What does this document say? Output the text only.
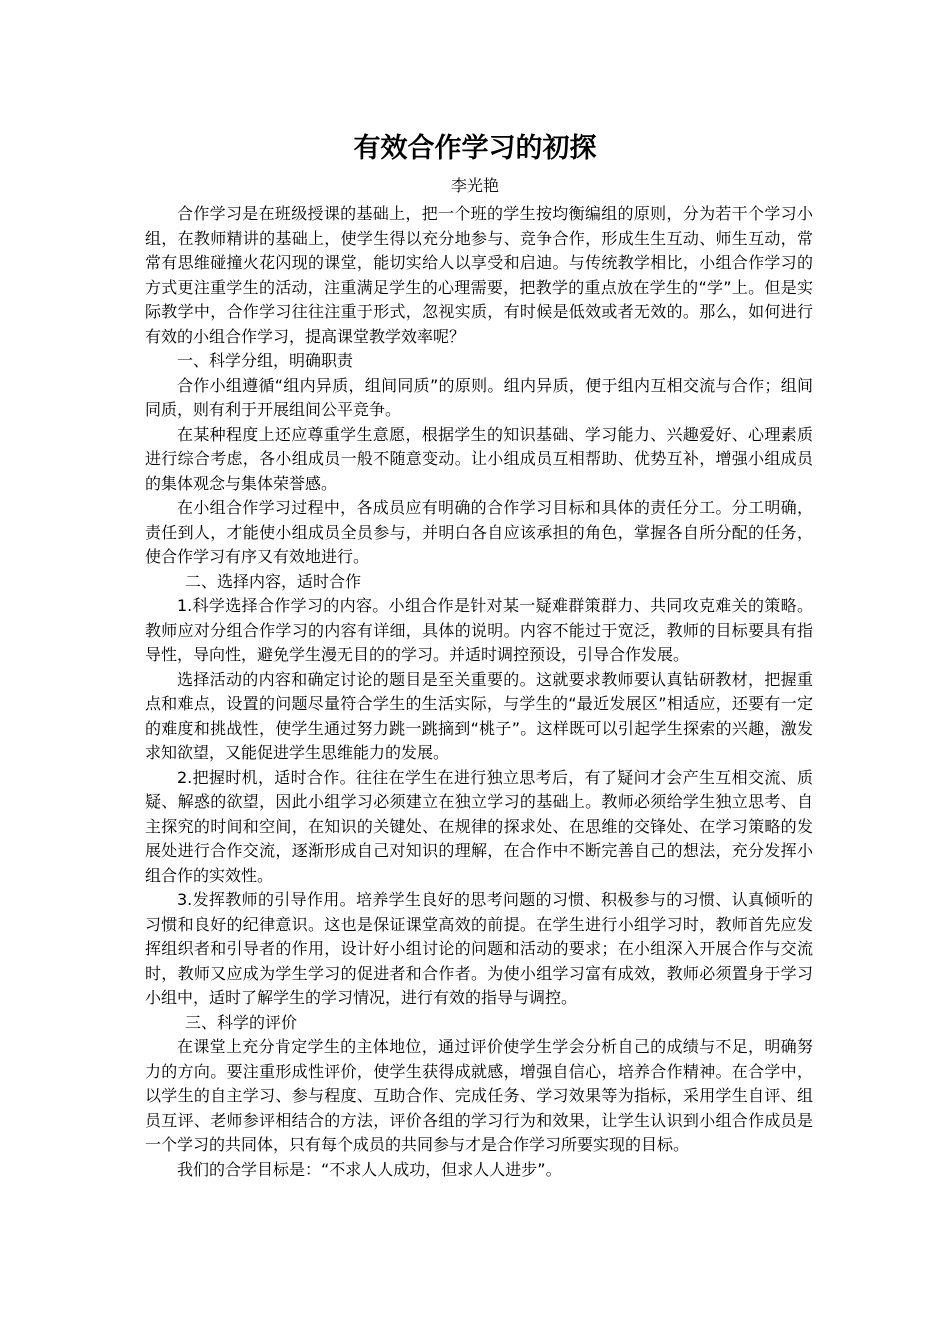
有效合作学习的初探
李光艳

合作学习是在班级授课的基础上，把一个班的学生按均衡编组的原则，分为若干个学习小组，在教师精讲的基础上，使学生得以充分地参与、竞争合作，形成生生互动、师生互动，常常有思维碰撞火花闪现的课堂，能切实给人以享受和启迪。与传统教学相比，小组合作学习的方式更注重学生的活动，注重满足学生的心理需要，把教学的重点放在学生的“学”上。但是实际教学中，合作学习往往注重于形式，忽视实质，有时候是低效或者无效的。那么，如何进行有效的小组合作学习，提高课堂教学效率呢？

一、科学分组，明确职责

合作小组遵循“组内异质，组间同质”的原则。组内异质，便于组内互相交流与合作；组间同质，则有利于开展组间公平竞争。

在某种程度上还应尊重学生意愿，根据学生的知识基础、学习能力、兴趣爱好、心理素质进行综合考虑，各小组成员一般不随意变动。让小组成员互相帮助、优势互补，增强小组成员的集体观念与集体荣誉感。

在小组合作学习过程中，各成员应有明确的合作学习目标和具体的责任分工。分工明确，责任到人，才能使小组成员全员参与，并明白各自应该承担的角色，掌握各自所分配的任务，使合作学习有序又有效地进行。

二、选择内容，适时合作

1.科学选择合作学习的内容。小组合作是针对某一疑难群策群力、共同攻克难关的策略。教师应对分组合作学习的内容有详细，具体的说明。内容不能过于宽泛，教师的目标要具有指导性，导向性，避免学生漫无目的的学习。并适时调控预设，引导合作发展。

选择活动的内容和确定讨论的题目是至关重要的。这就要求教师要认真钻研教材，把握重点和难点，设置的问题尽量符合学生的生活实际，与学生的“最近发展区”相适应，还要有一定的难度和挑战性，使学生通过努力跳一跳摘到“桃子”。这样既可以引起学生探索的兴趣，激发求知欲望，又能促进学生思维能力的发展。

2.把握时机，适时合作。往往在学生在进行独立思考后，有了疑问才会产生互相交流、质疑、解惑的欲望，因此小组学习必须建立在独立学习的基础上。教师必须给学生独立思考、自主探究的时间和空间，在知识的关键处、在规律的探求处、在思维的交锋处、在学习策略的发展处进行合作交流，逐渐形成自己对知识的理解，在合作中不断完善自己的想法，充分发挥小组合作的实效性。

3.发挥教师的引导作用。培养学生良好的思考问题的习惯、积极参与的习惯、认真倾听的习惯和良好的纪律意识。这也是保证课堂高效的前提。在学生进行小组学习时，教师首先应发挥组织者和引导者的作用，设计好小组讨论的问题和活动的要求；在小组深入开展合作与交流时，教师又应成为学生学习的促进者和合作者。为使小组学习富有成效，教师必须置身于学习小组中，适时了解学生的学习情况，进行有效的指导与调控。

三、科学的评价

在课堂上充分肯定学生的主体地位，通过评价使学生学会分析自己的成绩与不足，明确努力的方向。要注重形成性评价，使学生获得成就感，增强自信心，培养合作精神。在合学中，以学生的自主学习、参与程度、互助合作、完成任务、学习效果等为指标，采用学生自评、组员互评、老师参评相结合的方法，评价各组的学习行为和效果，让学生认识到小组合作成员是一个学习的共同体，只有每个成员的共同参与才是合作学习所要实现的目标。

我们的合学目标是：“不求人人成功，但求人人进步”。
